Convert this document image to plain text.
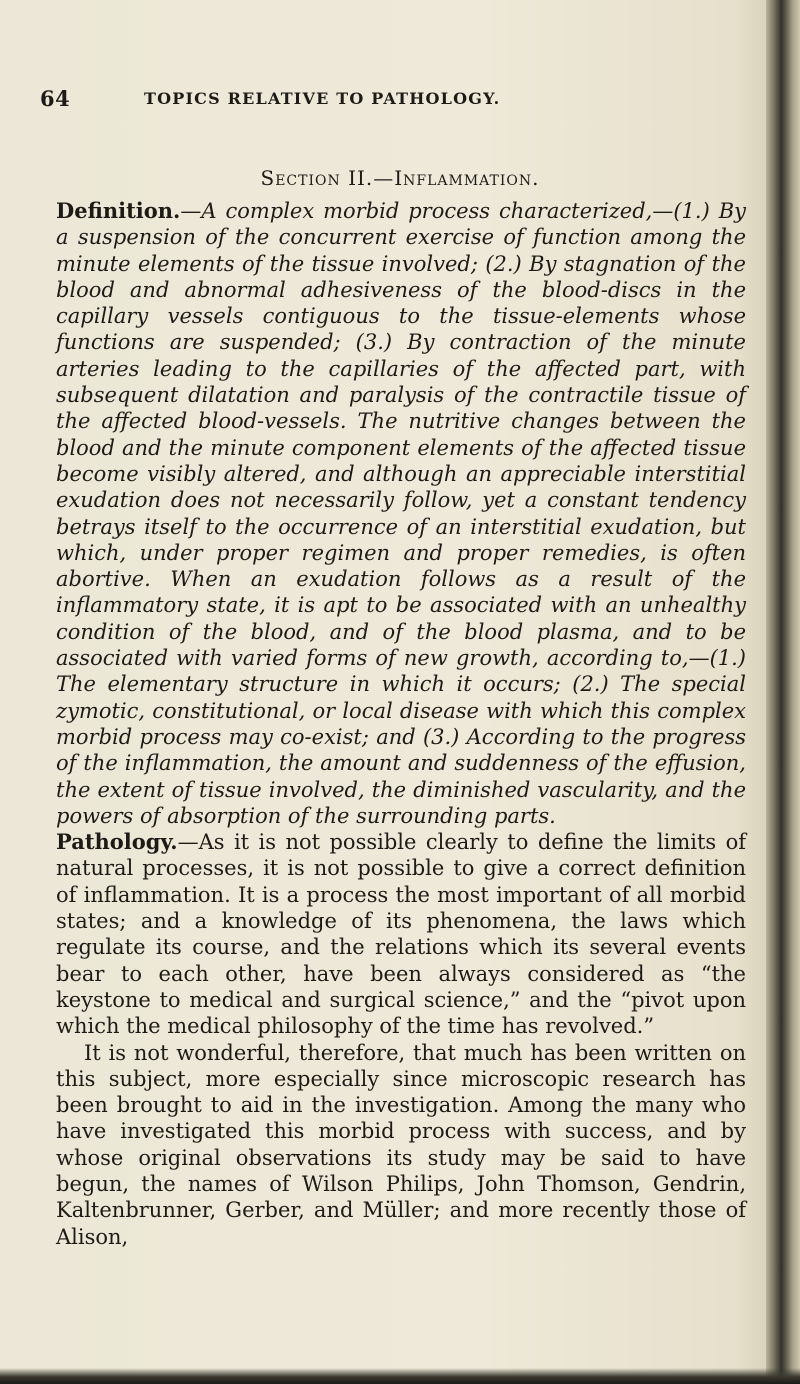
64	TOPICS RELATIVE TO PATHOLOGY.
Section II.—Inflammation.

Definition.—A complex morbid process characterized,—(1.) By a suspension of the concurrent exercise of function among the minute elements of the tissue involved; (2.) By stagnation of the blood and abnormal adhesiveness of the blood-discs in the capillary vessels contiguous to the tissue-elements whose functions are suspended; (3.) By contraction of the minute arteries leading to the capillaries of the affected part, with subsequent dilatation and paralysis of the contractile tissue of the affected blood-vessels. The nutritive changes between the blood and the minute component elements of the affected tissue become visibly altered, and although an appreciable interstitial exudation does not necessarily follow, yet a constant tendency betrays itself to the occurrence of an interstitial exudation, but which, under proper regimen and proper remedies, is often abortive. When an exudation follows as a result of the inflammatory state, it is apt to be associated with an unhealthy condition of the blood, and of the blood plasma, and to be associated with varied forms of new growth, according to,—(1.) The elementary structure in which it occurs; (2.) The special zymotic, constitutional, or local disease with which this complex morbid process may co-exist; and (3.) According to the progress of the inflammation, the amount and suddenness of the effusion, the extent of tissue involved, the diminished vascularity, and the powers of absorption of the surrounding parts.

Pathology.—As it is not possible clearly to define the limits of natural processes, it is not possible to give a correct definition of inflammation. It is a process the most important of all morbid states; and a knowledge of its phenomena, the laws which regulate its course, and the relations which its several events bear to each other, have been always considered as “the keystone to medical and surgical science,” and the “pivot upon which the medical philosophy of the time has revolved.”

It is not wonderful, therefore, that much has been written on this subject, more especially since microscopic research has been brought to aid in the investigation. Among the many who have investigated this morbid process with success, and by whose original observations its study may be said to have begun, the names of Wilson Philips, John Thomson, Gendrin, Kaltenbrunner, Gerber, and Müller; and more recently those of Alison,
